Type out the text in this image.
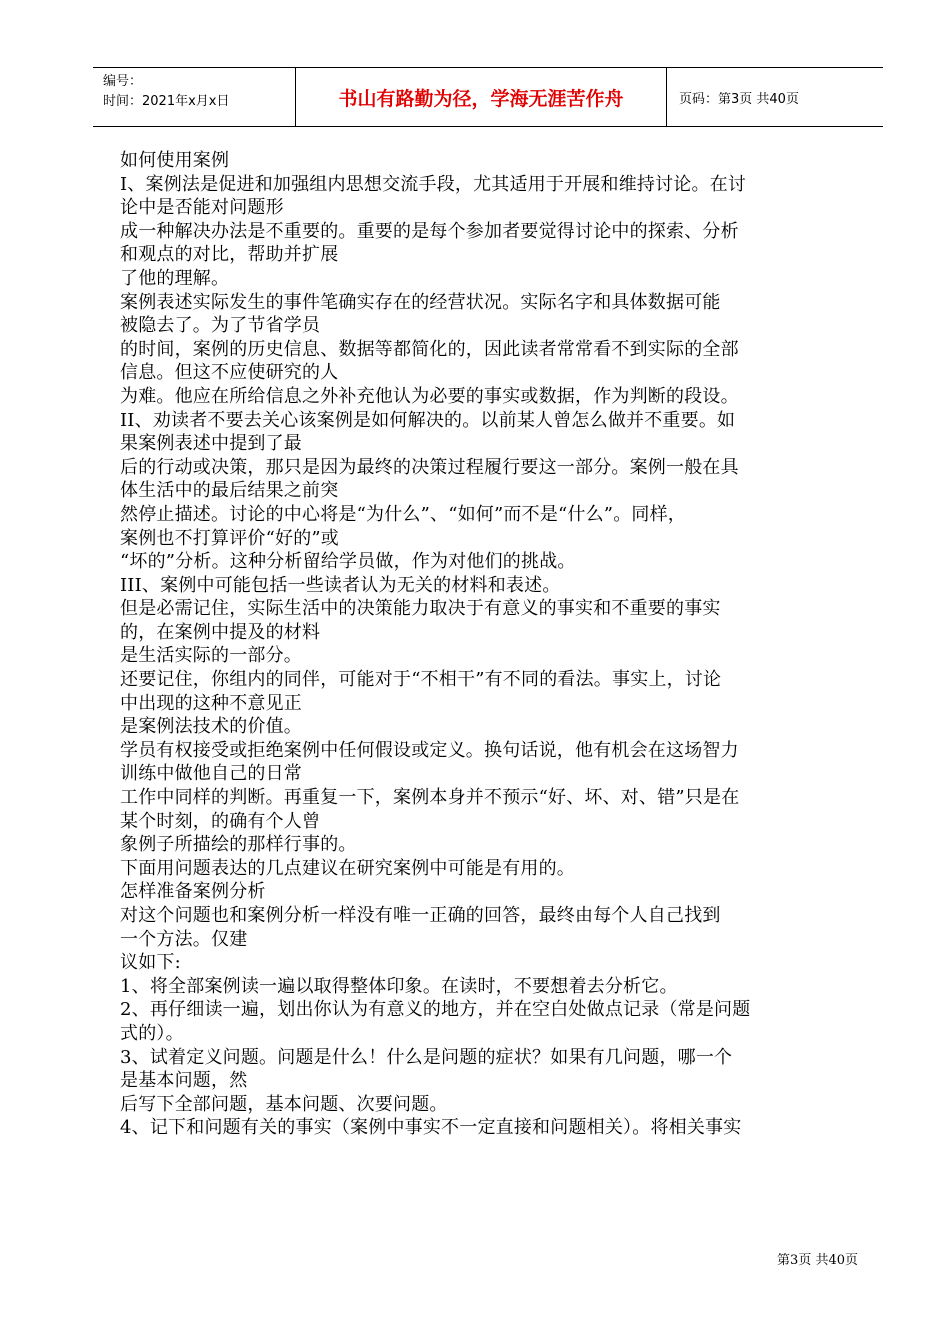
编号：
时间：2021年x月x日	书山有路勤为径，学海无涯苦作舟	页码：第3页 共40页
如何使用案例
I、案例法是促进和加强组内思想交流手段，尤其适用于开展和维持讨论。在讨
论中是否能对问题形
成一种解决办法是不重要的。重要的是每个参加者要觉得讨论中的探索、分析
和观点的对比，帮助并扩展
了他的理解。
案例表述实际发生的事件笔确实存在的经营状况。实际名字和具体数据可能
被隐去了。为了节省学员
的时间，案例的历史信息、数据等都简化的，因此读者常常看不到实际的全部
信息。但这不应使研究的人
为难。他应在所给信息之外补充他认为必要的事实或数据，作为判断的段设。
II、劝读者不要去关心该案例是如何解决的。以前某人曾怎么做并不重要。如
果案例表述中提到了最
后的行动或决策，那只是因为最终的决策过程履行要这一部分。案例一般在具
体生活中的最后结果之前突
然停止描述。讨论的中心将是“为什么”、“如何”而不是“什么”。同样，
案例也不打算评价“好的”或
“坏的”分析。这种分析留给学员做，作为对他们的挑战。
III、案例中可能包括一些读者认为无关的材料和表述。
但是必需记住，实际生活中的决策能力取决于有意义的事实和不重要的事实
的，在案例中提及的材料
是生活实际的一部分。
还要记住，你组内的同伴，可能对于“不相干”有不同的看法。事实上，讨论
中出现的这种不意见正
是案例法技术的价值。
学员有权接受或拒绝案例中任何假设或定义。换句话说，他有机会在这场智力
训练中做他自己的日常
工作中同样的判断。再重复一下，案例本身并不预示“好、坏、对、错”只是在
某个时刻，的确有个人曾
象例子所描绘的那样行事的。
下面用问题表达的几点建议在研究案例中可能是有用的。
怎样准备案例分析
对这个问题也和案例分析一样没有唯一正确的回答，最终由每个人自己找到
一个方法。仅建
议如下:
1、将全部案例读一遍以取得整体印象。在读时，不要想着去分析它。
2、再仔细读一遍，划出你认为有意义的地方，并在空白处做点记录（常是问题
式的）。
3、试着定义问题。问题是什么！什么是问题的症状？如果有几问题，哪一个
是基本问题，然
后写下全部问题，基本问题、次要问题。
4、记下和问题有关的事实（案例中事实不一定直接和问题相关）。将相关事实
第3页 共40页
